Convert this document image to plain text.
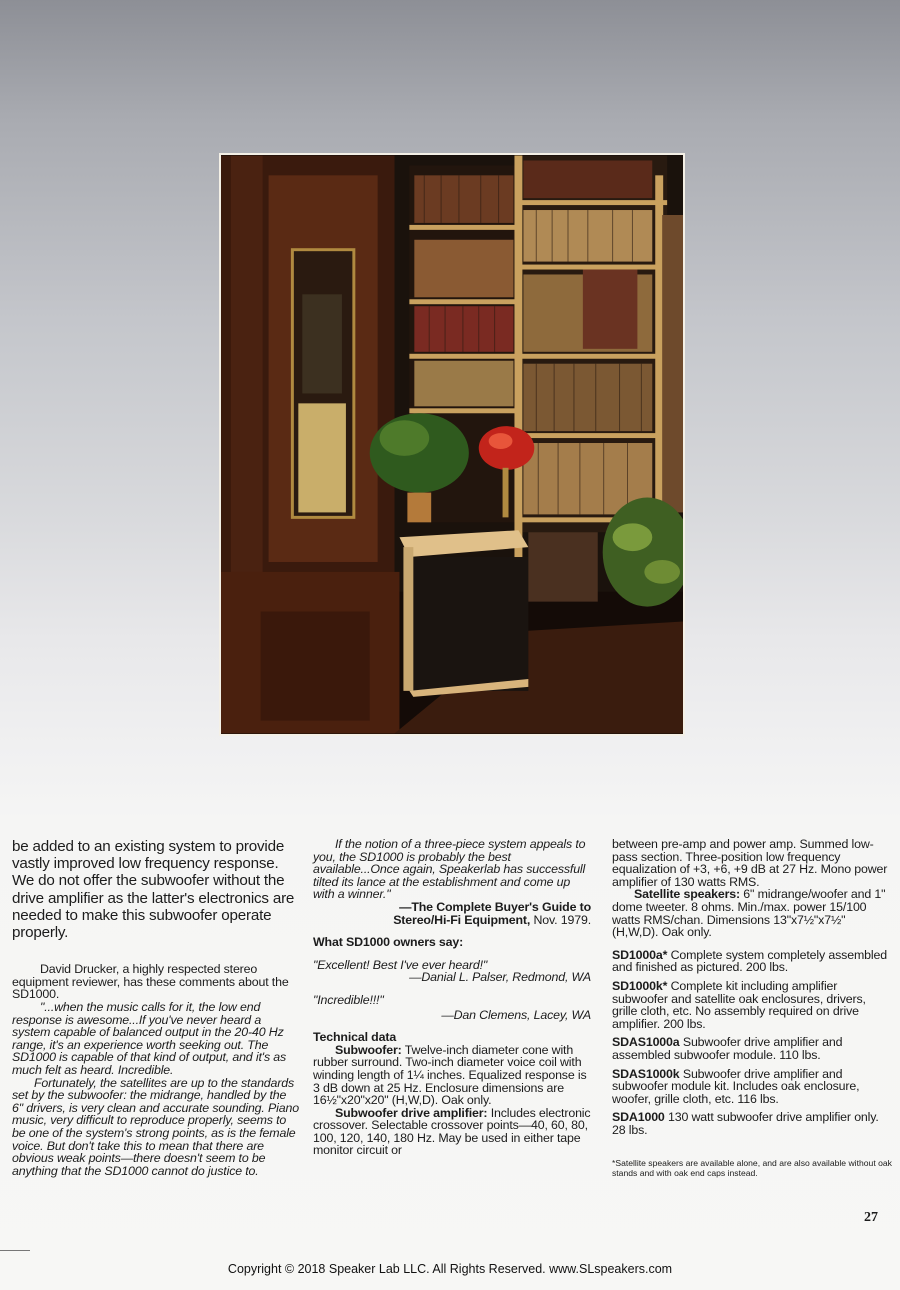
be added to an existing system to provide vastly improved low frequency response. We do not offer the subwoofer without the drive amplifier as the latter's electronics are needed to make this subwoofer operate properly.

David Drucker, a highly respected stereo equipment reviewer, has these comments about the SD1000.

"...when the music calls for it, the low end response is awesome...If you've never heard a system capable of balanced output in the 20-40 Hz range, it's an experience worth seeking out. The SD1000 is capable of that kind of output, and it's as much felt as heard. Incredible.

Fortunately, the satellites are up to the standards set by the subwoofer: the midrange, handled by the 6" drivers, is very clean and accurate sounding. Piano music, very difficult to reproduce properly, seems to be one of the system's strong points, as is the female voice. But don't take this to mean that there are obvious weak points—there doesn't seem to be anything that the SD1000 cannot do justice to.

If the notion of a three-piece system appeals to you, the SD1000 is probably the best available...Once again, Speakerlab has successfull tilted its lance at the establishment and come up with a winner."

—The Complete Buyer's Guide to

Stereo/Hi-Fi Equipment, Nov. 1979.

What SD1000 owners say:

"Excellent! Best I've ever heard!"

—Danial L. Palser, Redmond, WA

"Incredible!!!"

—Dan Clemens, Lacey, WA

Technical data

Subwoofer: Twelve-inch diameter cone with rubber surround. Two-inch diameter voice coil with winding length of 1¼ inches. Equalized response is 3 dB down at 25 Hz. Enclosure dimensions are 16½"x20"x20" (H,W,D). Oak only.

Subwoofer drive amplifier: Includes electronic crossover. Selectable crossover points—40, 60, 80, 100, 120, 140, 180 Hz. May be used in either tape monitor circuit or

between pre-amp and power amp. Summed low-pass section. Three-position low frequency equalization of +3, +6, +9 dB at 27 Hz. Mono power amplifier of 130 watts RMS.

Satellite speakers: 6" midrange/woofer and 1" dome tweeter. 8 ohms. Min./max. power 15/100 watts RMS/chan. Dimensions 13"x7½"x7½" (H,W,D). Oak only.

SD1000a* Complete system completely assembled and finished as pictured. 200 lbs.

SD1000k* Complete kit including amplifier subwoofer and satellite oak enclosures, drivers, grille cloth, etc. No assembly required on drive amplifier. 200 lbs.

SDAS1000a Subwoofer drive amplifier and assembled subwoofer module. 110 lbs.

SDAS1000k Subwoofer drive amplifier and subwoofer module kit. Includes oak enclosure, woofer, grille cloth, etc. 116 lbs.

SDA1000 130 watt subwoofer drive amplifier only. 28 lbs.

*Satellite speakers are available alone, and are also available without oak stands and with oak end caps instead.

27
Copyright © 2018 Speaker Lab LLC. All Rights Reserved. www.SLspeakers.com
